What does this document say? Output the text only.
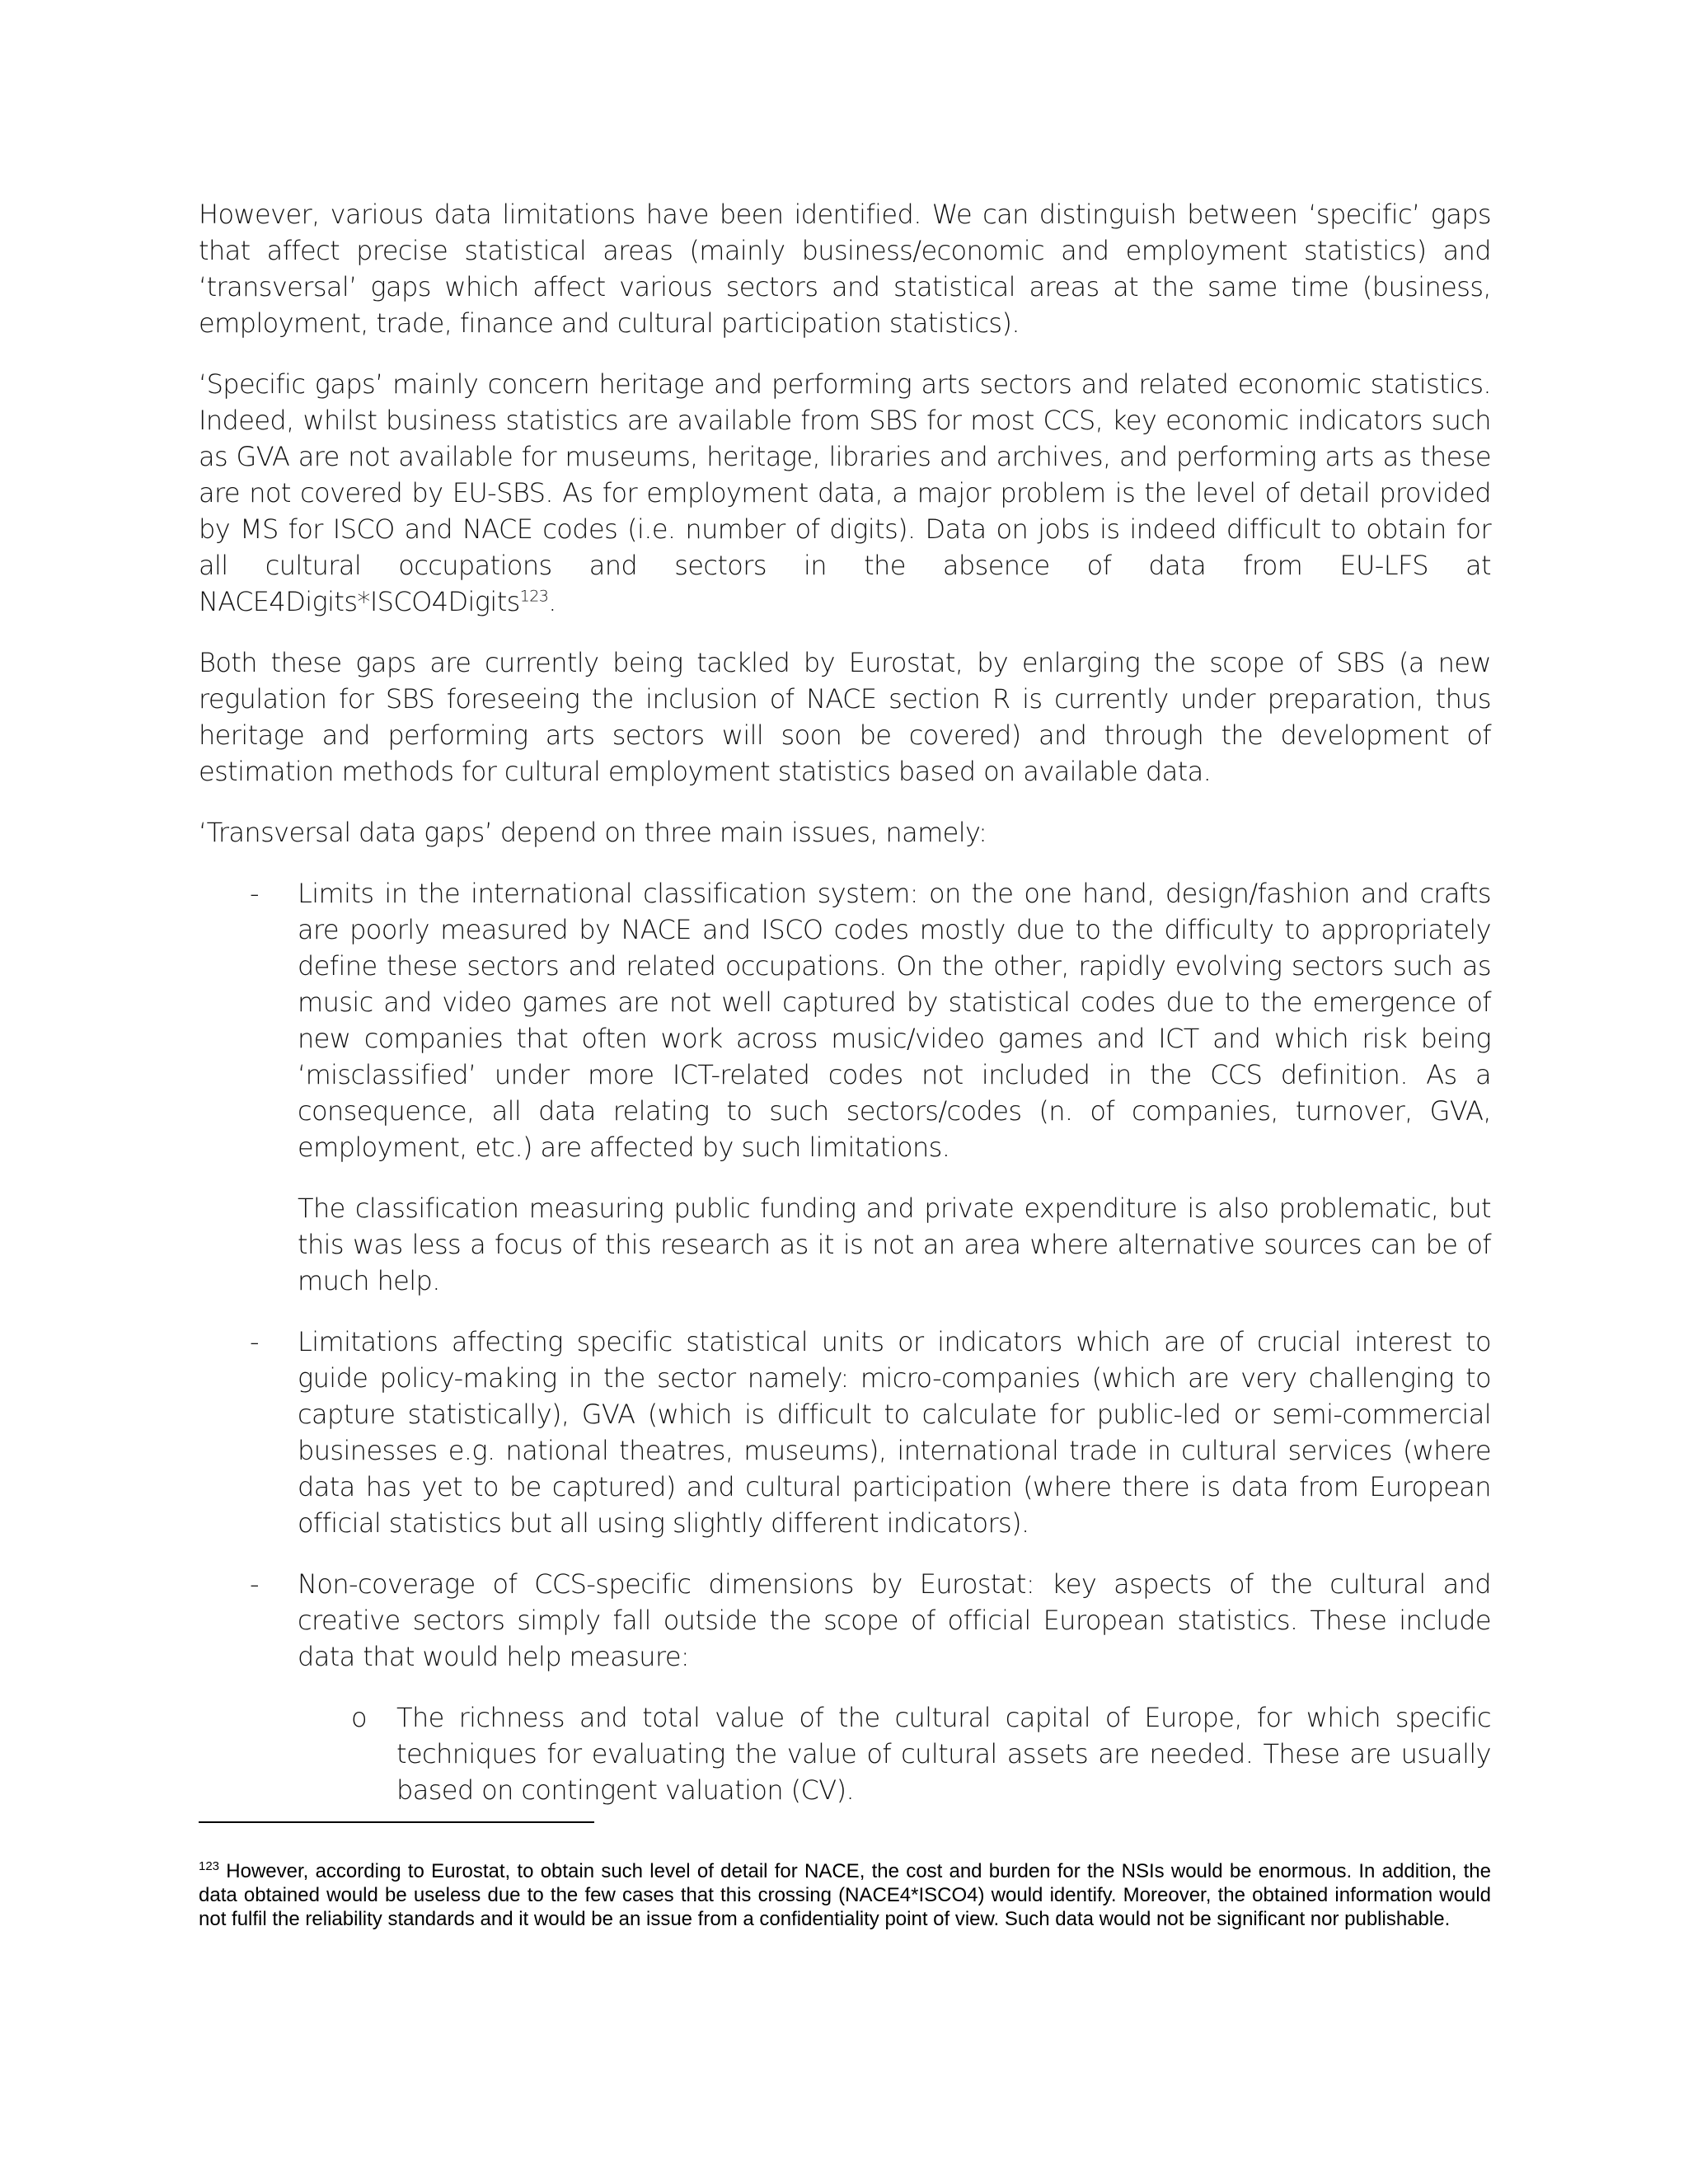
However, various data limitations have been identified. We can distinguish between ‘specific’ gaps that affect precise statistical areas (mainly business/economic and employment statistics) and ‘transversal’ gaps which affect various sectors and statistical areas at the same time (business, employment, trade, finance and cultural participation statistics).

‘Specific gaps’ mainly concern heritage and performing arts sectors and related economic statistics. Indeed, whilst business statistics are available from SBS for most CCS, key economic indicators such as GVA are not available for museums, heritage, libraries and archives, and performing arts as these are not covered by EU-SBS. As for employment data, a major problem is the level of detail provided by MS for ISCO and NACE codes (i.e. number of digits). Data on jobs is indeed difficult to obtain for all cultural occupations and sectors in the absence of data from EU-LFS at NACE4Digits*ISCO4Digits$^{123}$.

Both these gaps are currently being tackled by Eurostat, by enlarging the scope of SBS (a new regulation for SBS foreseeing the inclusion of NACE section R is currently under preparation, thus heritage and performing arts sectors will soon be covered) and through the development of estimation methods for cultural employment statistics based on available data.

‘Transversal data gaps’ depend on three main issues, namely:

- Limits in the international classification system: on the one hand, design/fashion and crafts are poorly measured by NACE and ISCO codes mostly due to the difficulty to appropriately define these sectors and related occupations. On the other, rapidly evolving sectors such as music and video games are not well captured by statistical codes due to the emergence of new companies that often work across music/video games and ICT and which risk being ‘misclassified’ under more ICT-related codes not included in the CCS definition. As a consequence, all data relating to such sectors/codes (n. of companies, turnover, GVA, employment, etc.) are affected by such limitations.

The classification measuring public funding and private expenditure is also problematic, but this was less a focus of this research as it is not an area where alternative sources can be of much help.

- Limitations affecting specific statistical units or indicators which are of crucial interest to guide policy-making in the sector namely: micro-companies (which are very challenging to capture statistically), GVA (which is difficult to calculate for public-led or semi-commercial businesses e.g. national theatres, museums), international trade in cultural services (where data has yet to be captured) and cultural participation (where there is data from European official statistics but all using slightly different indicators).

- Non-coverage of CCS-specific dimensions by Eurostat: key aspects of the cultural and creative sectors simply fall outside the scope of official European statistics. These include data that would help measure:

o The richness and total value of the cultural capital of Europe, for which specific techniques for evaluating the value of cultural assets are needed. These are usually based on contingent valuation (CV).

$^{123}$ However, according to Eurostat, to obtain such level of detail for NACE, the cost and burden for the NSIs would be enormous. In addition, the data obtained would be useless due to the few cases that this crossing (NACE4*ISCO4) would identify. Moreover, the obtained information would not fulfil the reliability standards and it would be an issue from a confidentiality point of view. Such data would not be significant nor publishable.
